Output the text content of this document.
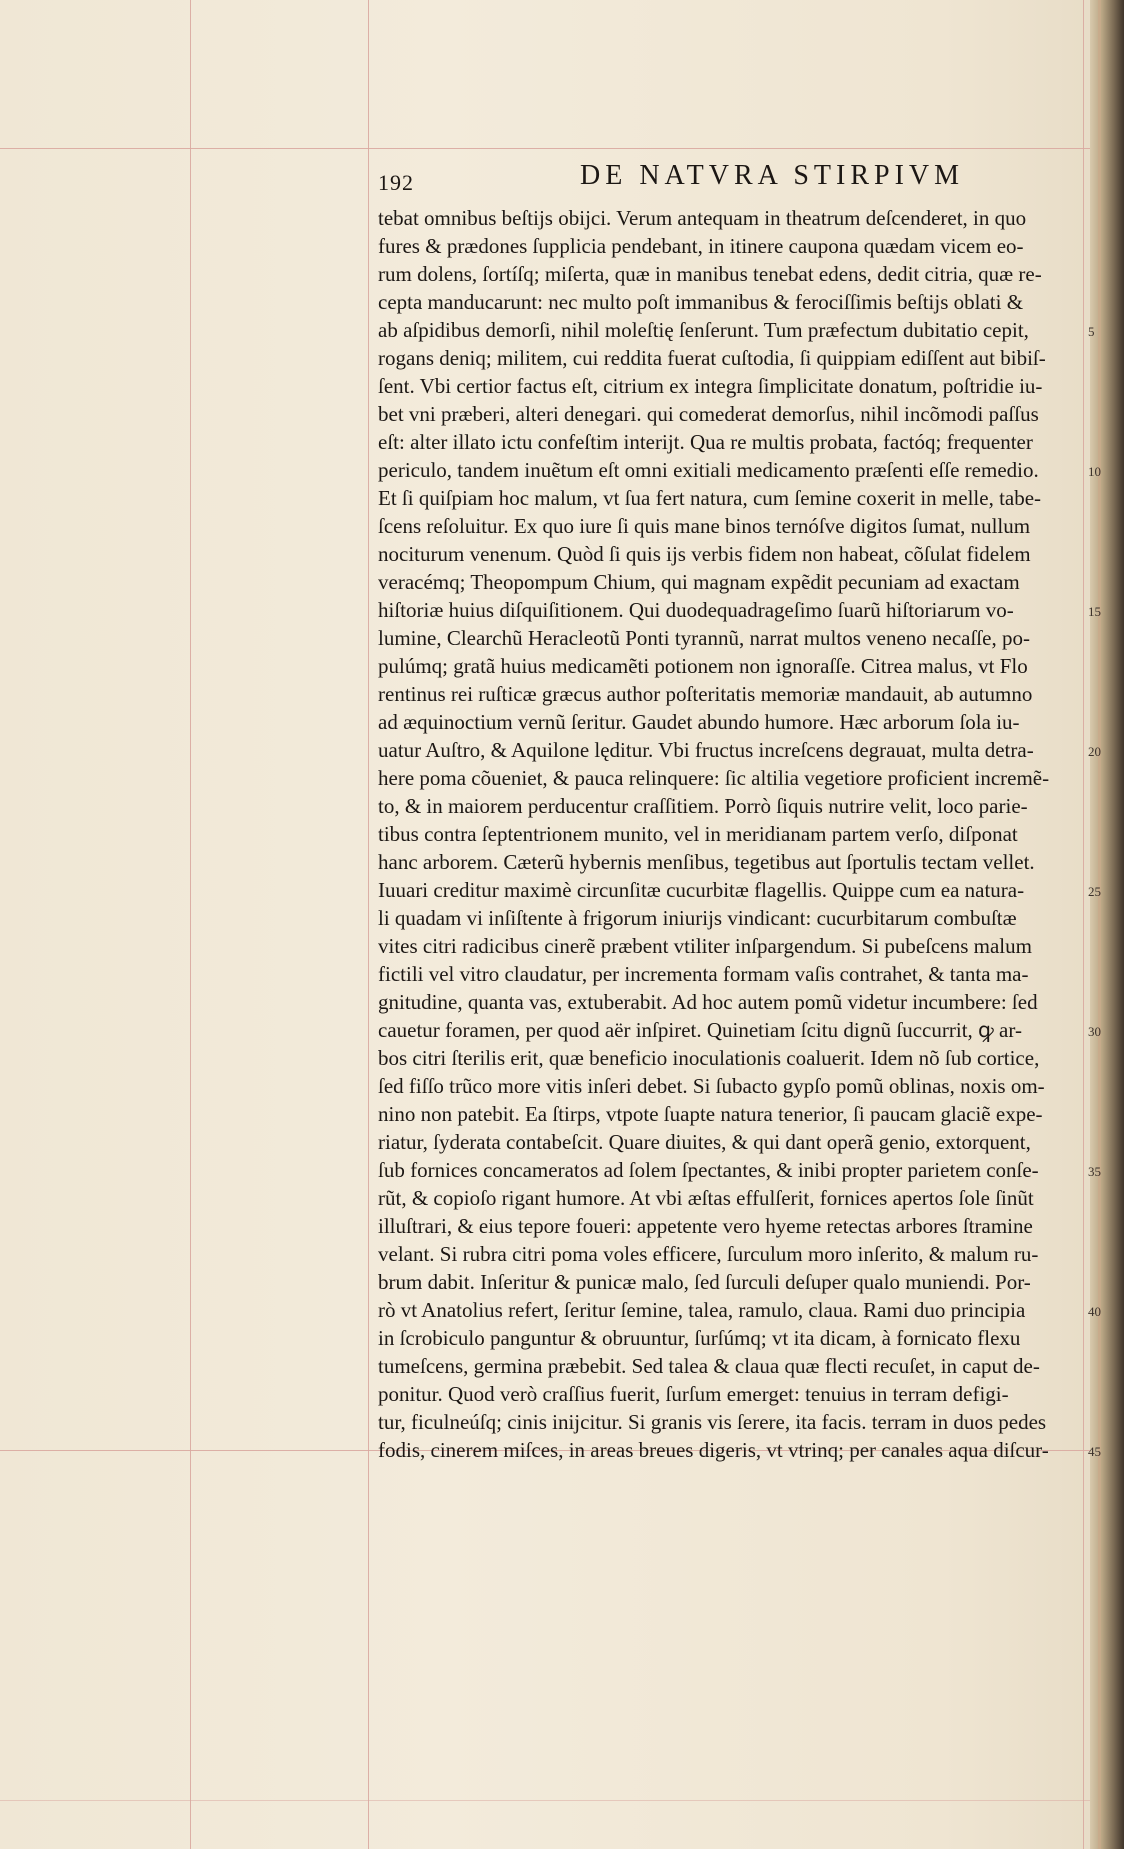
192	DE NATVRA STIRPIVM
tebat omnibus beſtijs obijci. Verum antequam in theatrum deſcenderet, in quo
fures & prædones ſupplicia pendebant, in itinere caupona quædam vicem eo-
rum dolens, ſortíſq; miſerta, quæ in manibus tenebat edens, dedit citria, quæ re-
cepta manducarunt: nec multo poſt immanibus & ferociſſimis beſtijs oblati &
ab aſpidibus demorſi, nihil moleſtię ſenſerunt. Tum præfectum dubitatio cepit,
rogans deniq; militem, cui reddita fuerat cuſtodia, ſi quippiam ediſſent aut bibiſ-
ſent. Vbi certior factus eſt, citrium ex integra ſimplicitate donatum, poſtridie iu-
bet vni præberi, alteri denegari. qui comederat demorſus, nihil incõmodi paſſus
eſt: alter illato ictu confeſtim interijt. Qua re multis probata, factóq; frequenter
periculo, tandem inuẽtum eſt omni exitiali medicamento præſenti eſſe remedio.
Et ſi quiſpiam hoc malum, vt ſua fert natura, cum ſemine coxerit in melle, tabe-
ſcens reſoluitur. Ex quo iure ſi quis mane binos ternóſve digitos ſumat, nullum
nociturum venenum. Quòd ſi quis ijs verbis fidem non habeat, cõſulat fidelem
veracémq; Theopompum Chium, qui magnam expẽdit pecuniam ad exactam
hiſtoriæ huius diſquiſitionem. Qui duodequadrageſimo ſuarũ hiſtoriarum vo-
lumine, Clearchũ Heracleotũ Ponti tyrannũ, narrat multos veneno necaſſe, po-
pulúmq; gratã huius medicamẽti potionem non ignoraſſe. Citrea malus, vt Flo
rentinus rei ruſticæ græcus author poſteritatis memoriæ mandauit, ab autumno
ad æquinoctium vernũ ſeritur. Gaudet abundo humore. Hæc arborum ſola iu-
uatur Auſtro, & Aquilone lęditur. Vbi fructus increſcens degrauat, multa detra-
here poma cõueniet, & pauca relinquere: ſic altilia vegetiore proficient incremẽ-
to, & in maiorem perducentur craſſitiem. Porrò ſiquis nutrire velit, loco parie-
tibus contra ſeptentrionem munito, vel in meridianam partem verſo, diſponat
hanc arborem. Cæterũ hybernis menſibus, tegetibus aut ſportulis tectam vellet.
Iuuari creditur maximè circunſitæ cucurbitæ flagellis. Quippe cum ea natura-
li quadam vi inſiſtente à frigorum iniurijs vindicant: cucurbitarum combuſtæ
vites citri radicibus cinerẽ præbent vtiliter inſpargendum. Si pubeſcens malum
fictili vel vitro claudatur, per incrementa formam vaſis contrahet, & tanta ma-
gnitudine, quanta vas, extuberabit. Ad hoc autem pomũ videtur incumbere: ſed
cauetur foramen, per quod aër inſpiret. Quinetiam ſcitu dignũ ſuccurrit, ꝙ ar-
bos citri ſterilis erit, quæ beneficio inoculationis coaluerit. Idem nõ ſub cortice,
ſed fiſſo trũco more vitis inſeri debet. Si ſubacto gypſo pomũ oblinas, noxis om-
nino non patebit. Ea ſtirps, vtpote ſuapte natura tenerior, ſi paucam glaciẽ expe-
riatur, ſyderata contabeſcit. Quare diuites, & qui dant operã genio, extorquent,
ſub fornices concameratos ad ſolem ſpectantes, & inibi propter parietem conſe-
rũt, & copioſo rigant humore. At vbi æſtas effulſerit, fornices apertos ſole ſinũt
illuſtrari, & eius tepore foueri: appetente vero hyeme retectas arbores ſtramine
velant. Si rubra citri poma voles efficere, ſurculum moro inſerito, & malum ru-
brum dabit. Inſeritur & punicæ malo, ſed ſurculi deſuper qualo muniendi. Por-
rò vt Anatolius refert, ſeritur ſemine, talea, ramulo, claua. Rami duo principia
in ſcrobiculo panguntur & obruuntur, ſurſúmq; vt ita dicam, à fornicato flexu
tumeſcens, germina præbebit. Sed talea & claua quæ flecti recuſet, in caput de-
ponitur. Quod verò craſſius fuerit, ſurſum emerget: tenuius in terram defigi-
tur, ficulneúſq; cinis inijcitur. Si granis vis ſerere, ita facis. terram in duos pedes
fodis, cinerem miſces, in areas breues digeris, vt vtrinq; per canales aqua diſcur-
5
10
15
20
25
30
35
40
45
